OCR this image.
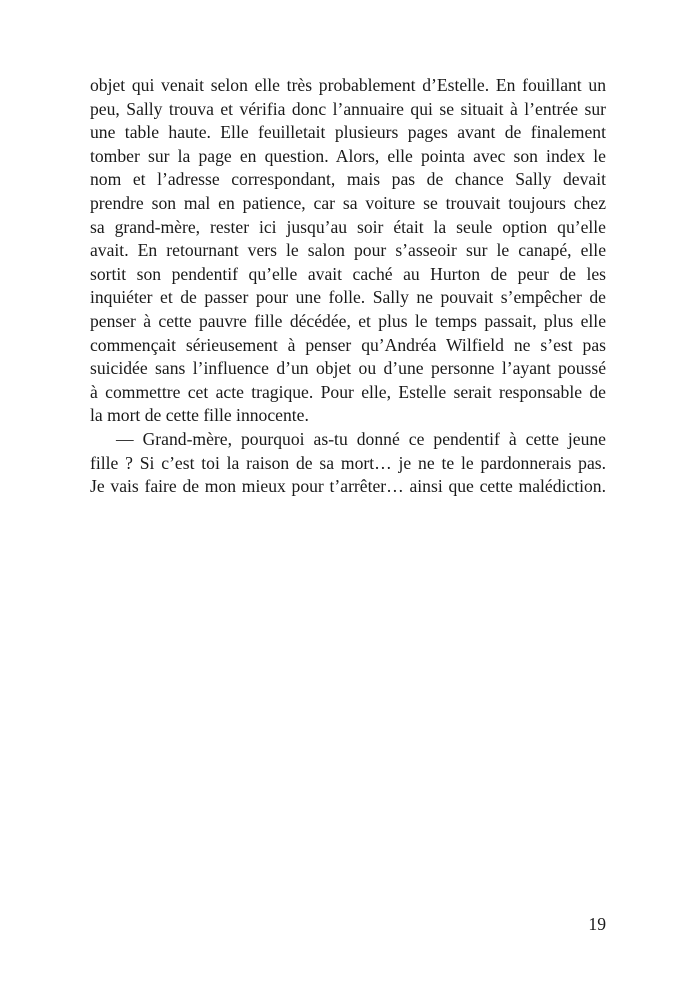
objet qui venait selon elle très probablement d’Estelle. En fouillant un
peu, Sally trouva et vérifia donc l’annuaire qui se situait à l’entrée sur
une table haute. Elle feuilletait plusieurs pages avant de finalement
tomber sur la page en question. Alors, elle pointa avec son index le
nom et l’adresse correspondant, mais pas de chance Sally devait
prendre son mal en patience, car sa voiture se trouvait toujours chez
sa grand-mère, rester ici jusqu’au soir était la seule option qu’elle
avait. En retournant vers le salon pour s’asseoir sur le canapé, elle
sortit son pendentif qu’elle avait caché au Hurton de peur de les
inquiéter et de passer pour une folle. Sally ne pouvait s’empêcher de
penser à cette pauvre fille décédée, et plus le temps passait, plus elle
commençait sérieusement à penser qu’Andréa Wilfield ne s’est pas
suicidée sans l’influence d’un objet ou d’une personne l’ayant poussé
à commettre cet acte tragique. Pour elle, Estelle serait responsable de
la mort de cette fille innocente.
— Grand-mère, pourquoi as-tu donné ce pendentif à cette jeune
fille ? Si c’est toi la raison de sa mort… je ne te le pardonnerais pas.
Je vais faire de mon mieux pour t’arrêter… ainsi que cette malédiction.
19
